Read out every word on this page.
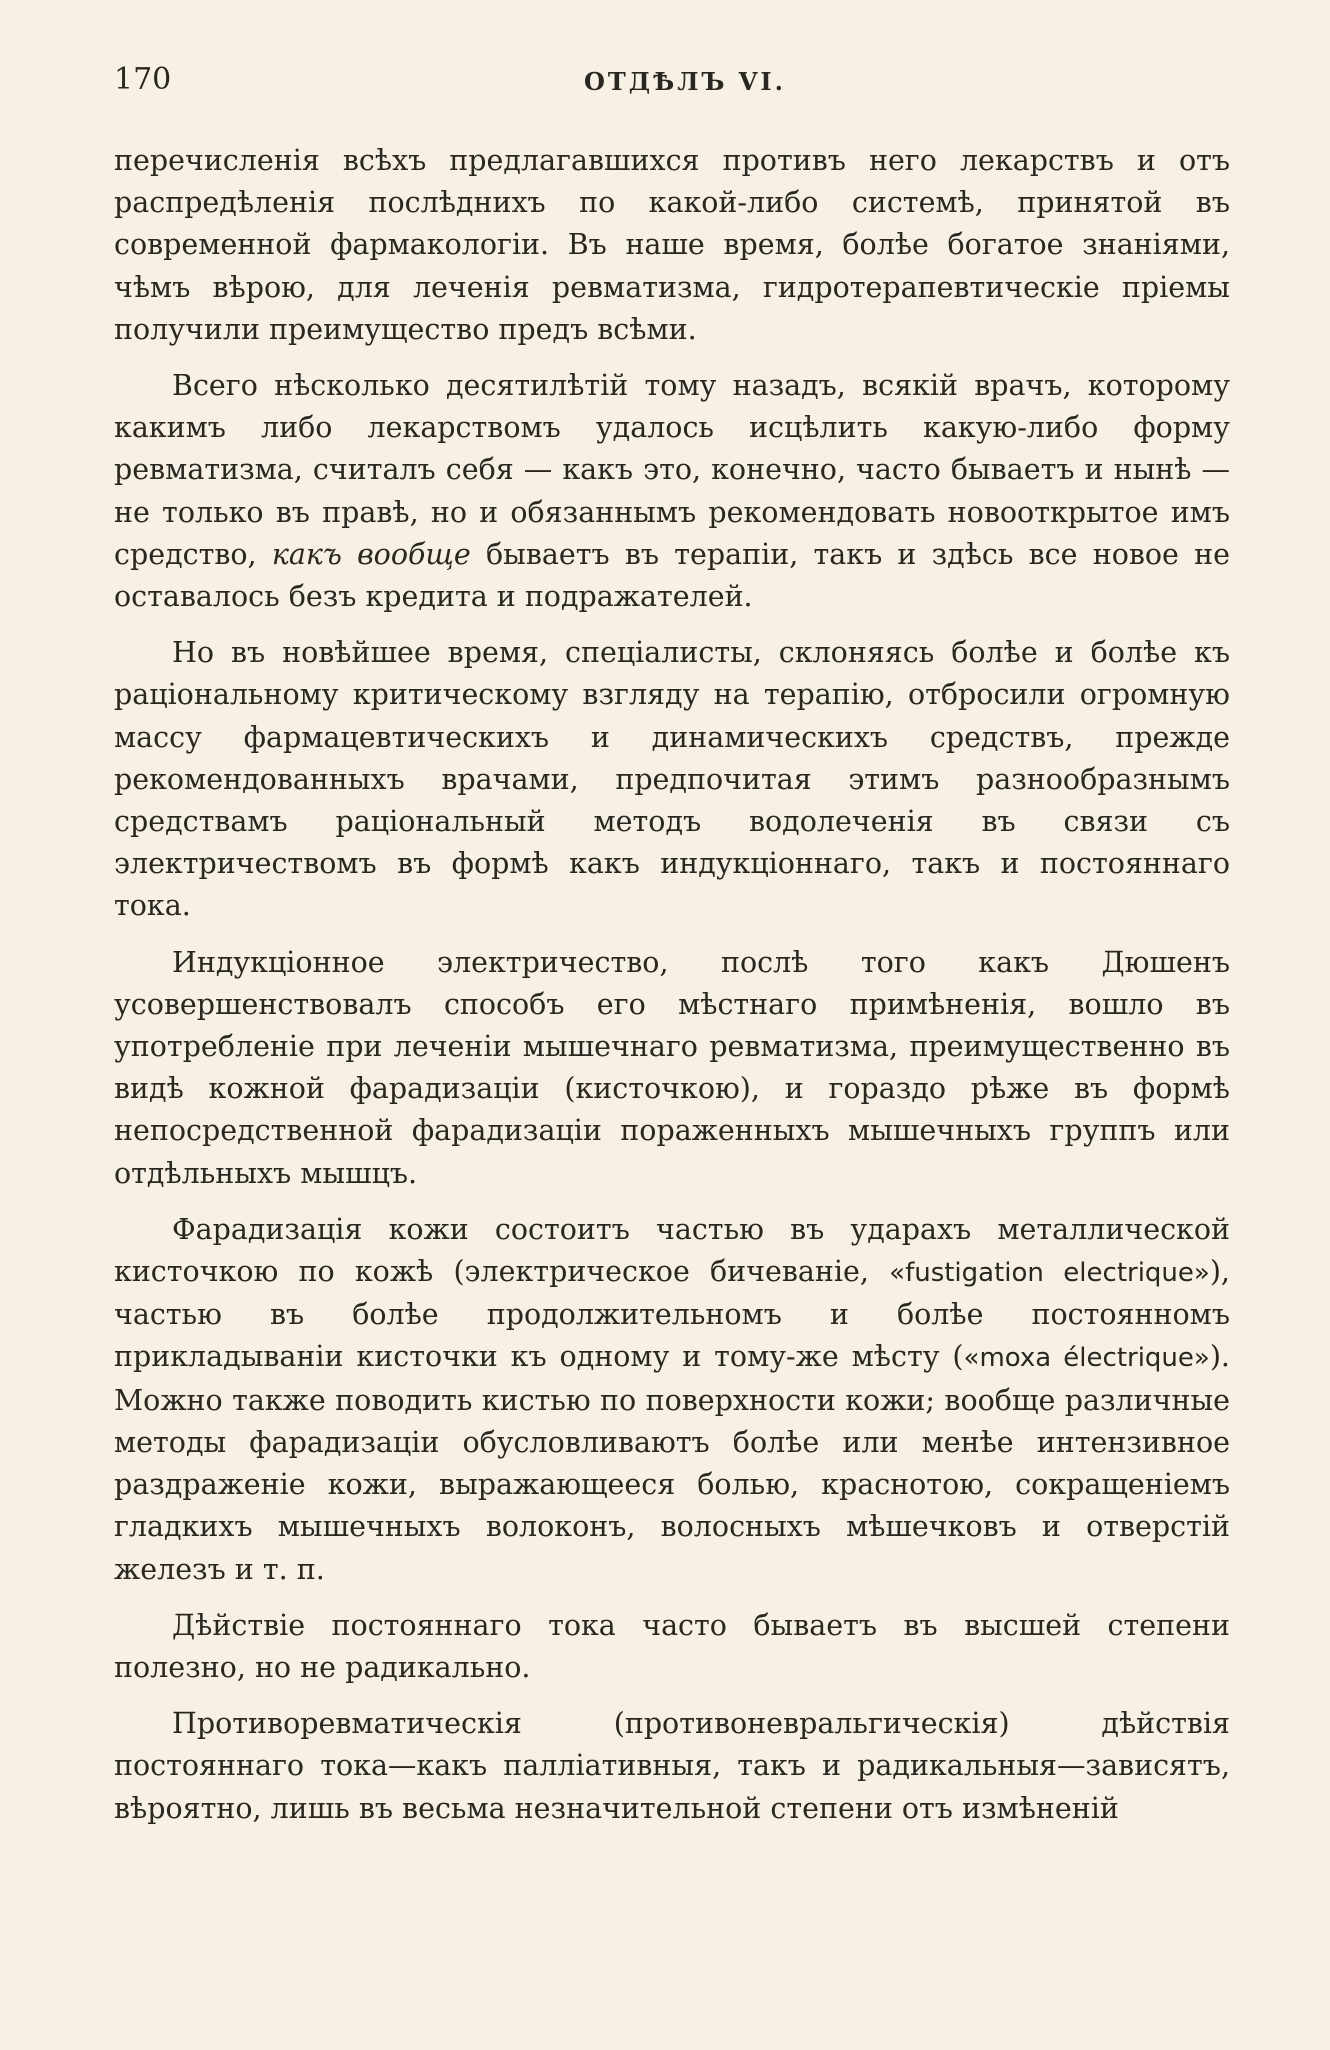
170	ОТДѢЛЪ VI.

перечисленія всѣхъ предлагавшихся противъ него лекарствъ и отъ распредѣленія послѣднихъ по какой-либо системѣ, принятой въ современной фармакологіи. Въ наше время, болѣе богатое знаніями, чѣмъ вѣрою, для леченія ревматизма, гидротерапевтическіе пріемы получили преимущество предъ всѣми.

Всего нѣсколько десятилѣтій тому назадъ, всякій врачъ, которому какимъ либо лекарствомъ удалось исцѣлить какую-либо форму ревматизма, считалъ себя — какъ это, конечно, часто бываетъ и нынѣ — не только въ правѣ, но и обязаннымъ рекомендовать новооткрытое имъ средство, какъ вообще бываетъ въ терапіи, такъ и здѣсь все новое не оставалось безъ кредита и подражателей.

Но въ новѣйшее время, спеціалисты, склоняясь болѣе и болѣе къ раціональному критическому взгляду на терапію, отбросили огромную массу фармацевтическихъ и динамическихъ средствъ, прежде рекомендованныхъ врачами, предпочитая этимъ разнообразнымъ средствамъ раціональный методъ водолеченія въ связи съ электричествомъ въ формѣ какъ индукціоннаго, такъ и постояннаго тока.

Индукціонное электричество, послѣ того какъ Дюшенъ усовершенствовалъ способъ его мѣстнаго примѣненія, вошло въ употребленіе при леченіи мышечнаго ревматизма, преимущественно въ видѣ кожной фарадизаціи (кисточкою), и гораздо рѣже въ формѣ непосредственной фарадизаціи пораженныхъ мышечныхъ группъ или отдѣльныхъ мышцъ.

Фарадизація кожи состоитъ частью въ ударахъ металлической кисточкою по кожѣ (электрическое бичеваніе, «fustigation electrique»), частью въ болѣе продолжительномъ и болѣе постоянномъ прикладываніи кисточки къ одному и тому-же мѣсту («moxa électrique»). Можно также поводить кистью по поверхности кожи; вообще различные методы фарадизаціи обусловливаютъ болѣе или менѣе интензивное раздраженіе кожи, выражающееся болью, краснотою, сокращеніемъ гладкихъ мышечныхъ волоконъ, волосныхъ мѣшечковъ и отверстій железъ и т. п.

Дѣйствіе постояннаго тока часто бываетъ въ высшей степени полезно, но не радикально.

Противоревматическія (противоневральгическія) дѣйствія постояннаго тока—какъ палліативныя, такъ и радикальныя—зависятъ, вѣроятно, лишь въ весьма незначительной степени отъ измѣненій
